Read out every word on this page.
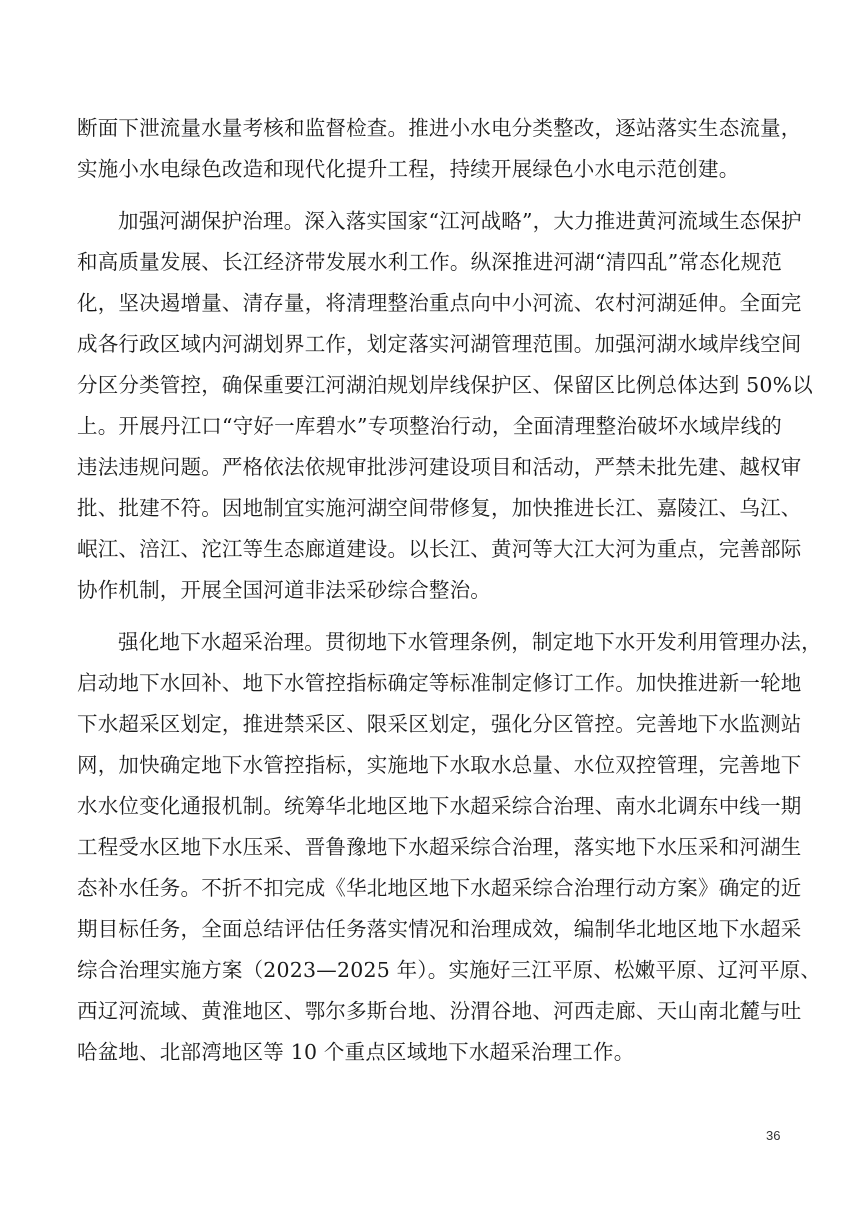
断面下泄流量水量考核和监督检查。推进小水电分类整改，逐站落实生态流量，
实施小水电绿色改造和现代化提升工程，持续开展绿色小水电示范创建。
加强河湖保护治理。深入落实国家“江河战略”，大力推进黄河流域生态保护
和高质量发展、长江经济带发展水利工作。纵深推进河湖“清四乱”常态化规范
化，坚决遏增量、清存量，将清理整治重点向中小河流、农村河湖延伸。全面完
成各行政区域内河湖划界工作，划定落实河湖管理范围。加强河湖水域岸线空间
分区分类管控，确保重要江河湖泊规划岸线保护区、保留区比例总体达到 50%以
上。开展丹江口“守好一库碧水”专项整治行动，全面清理整治破坏水域岸线的
违法违规问题。严格依法依规审批涉河建设项目和活动，严禁未批先建、越权审
批、批建不符。因地制宜实施河湖空间带修复，加快推进长江、嘉陵江、乌江、
岷江、涪江、沱江等生态廊道建设。以长江、黄河等大江大河为重点，完善部际
协作机制，开展全国河道非法采砂综合整治。
强化地下水超采治理。贯彻地下水管理条例，制定地下水开发利用管理办法，
启动地下水回补、地下水管控指标确定等标准制定修订工作。加快推进新一轮地
下水超采区划定，推进禁采区、限采区划定，强化分区管控。完善地下水监测站
网，加快确定地下水管控指标，实施地下水取水总量、水位双控管理，完善地下
水水位变化通报机制。统筹华北地区地下水超采综合治理、南水北调东中线一期
工程受水区地下水压采、晋鲁豫地下水超采综合治理，落实地下水压采和河湖生
态补水任务。不折不扣完成《华北地区地下水超采综合治理行动方案》确定的近
期目标任务，全面总结评估任务落实情况和治理成效，编制华北地区地下水超采
综合治理实施方案（2023—2025 年）。实施好三江平原、松嫩平原、辽河平原、
西辽河流域、黄淮地区、鄂尔多斯台地、汾渭谷地、河西走廊、天山南北麓与吐
哈盆地、北部湾地区等 10 个重点区域地下水超采治理工作。
36
